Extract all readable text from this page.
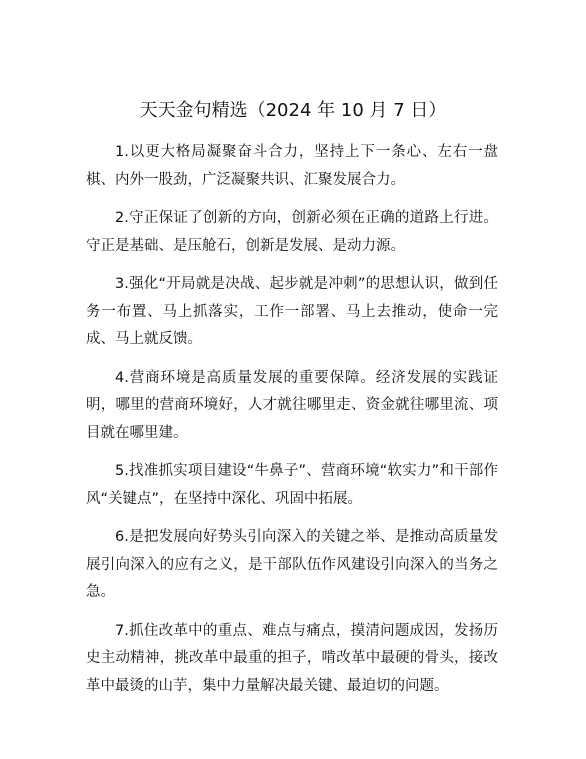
天天金句精选（2024 年 10 月 7 日）

1.以更大格局凝聚奋斗合力，坚持上下一条心、左右一盘棋、内外一股劲，广泛凝聚共识、汇聚发展合力。

2.守正保证了创新的方向，创新必须在正确的道路上行进。守正是基础、是压舱石，创新是发展、是动力源。

3.强化“开局就是决战、起步就是冲刺”的思想认识，做到任务一布置、马上抓落实，工作一部署、马上去推动，使命一完成、马上就反馈。

4.营商环境是高质量发展的重要保障。经济发展的实践证明，哪里的营商环境好，人才就往哪里走、资金就往哪里流、项目就在哪里建。

5.找准抓实项目建设“牛鼻子”、营商环境“软实力”和干部作风“关键点”，在坚持中深化、巩固中拓展。

6.是把发展向好势头引向深入的关键之举、是推动高质量发展引向深入的应有之义，是干部队伍作风建设引向深入的当务之急。

7.抓住改革中的重点、难点与痛点，摸清问题成因，发扬历史主动精神，挑改革中最重的担子，啃改革中最硬的骨头，接改革中最烫的山芋，集中力量解决最关键、最迫切的问题。
